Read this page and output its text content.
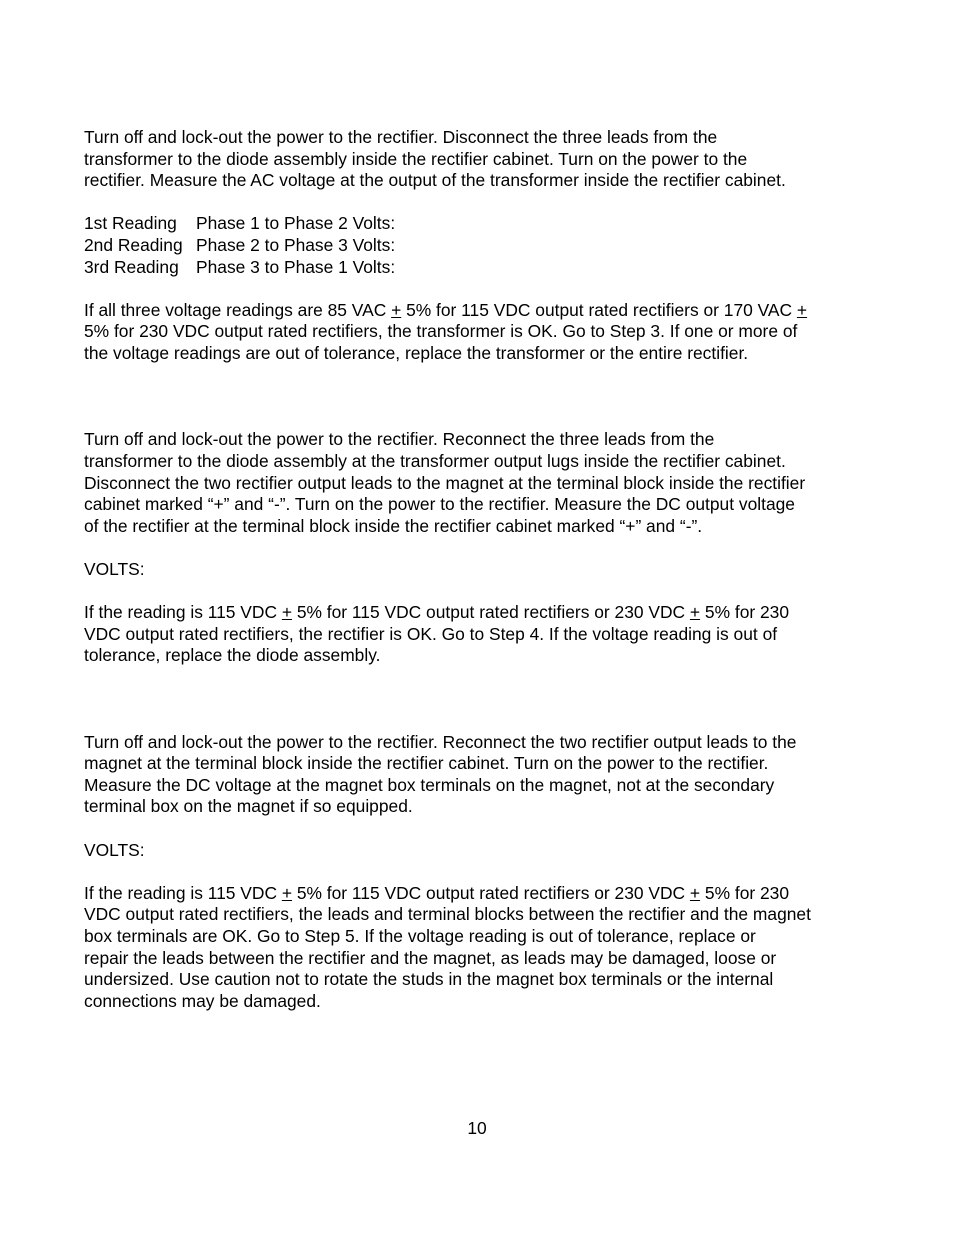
Turn off and lock-out the power to the rectifier. Disconnect the three leads from the
transformer to the diode assembly inside the rectifier cabinet. Turn on the power to the
rectifier. Measure the AC voltage at the output of the transformer inside the rectifier cabinet.

1st Reading Phase 1 to Phase 2 Volts:
2nd Reading Phase 2 to Phase 3 Volts:
3rd Reading Phase 3 to Phase 1 Volts:

If all three voltage readings are 85 VAC + 5% for 115 VDC output rated rectifiers or 170 VAC +
5% for 230 VDC output rated rectifiers, the transformer is OK. Go to Step 3. If one or more of
the voltage readings are out of tolerance, replace the transformer or the entire rectifier.

Turn off and lock-out the power to the rectifier. Reconnect the three leads from the
transformer to the diode assembly at the transformer output lugs inside the rectifier cabinet.
Disconnect the two rectifier output leads to the magnet at the terminal block inside the rectifier
cabinet marked “+” and “-”. Turn on the power to the rectifier. Measure the DC output voltage
of the rectifier at the terminal block inside the rectifier cabinet marked “+” and “-”.

VOLTS:

If the reading is 115 VDC + 5% for 115 VDC output rated rectifiers or 230 VDC + 5% for 230
VDC output rated rectifiers, the rectifier is OK. Go to Step 4. If the voltage reading is out of
tolerance, replace the diode assembly.

Turn off and lock-out the power to the rectifier. Reconnect the two rectifier output leads to the
magnet at the terminal block inside the rectifier cabinet. Turn on the power to the rectifier.
Measure the DC voltage at the magnet box terminals on the magnet, not at the secondary
terminal box on the magnet if so equipped.

VOLTS:

If the reading is 115 VDC + 5% for 115 VDC output rated rectifiers or 230 VDC + 5% for 230
VDC output rated rectifiers, the leads and terminal blocks between the rectifier and the magnet
box terminals are OK. Go to Step 5. If the voltage reading is out of tolerance, replace or
repair the leads between the rectifier and the magnet, as leads may be damaged, loose or
undersized. Use caution not to rotate the studs in the magnet box terminals or the internal
connections may be damaged.

10
